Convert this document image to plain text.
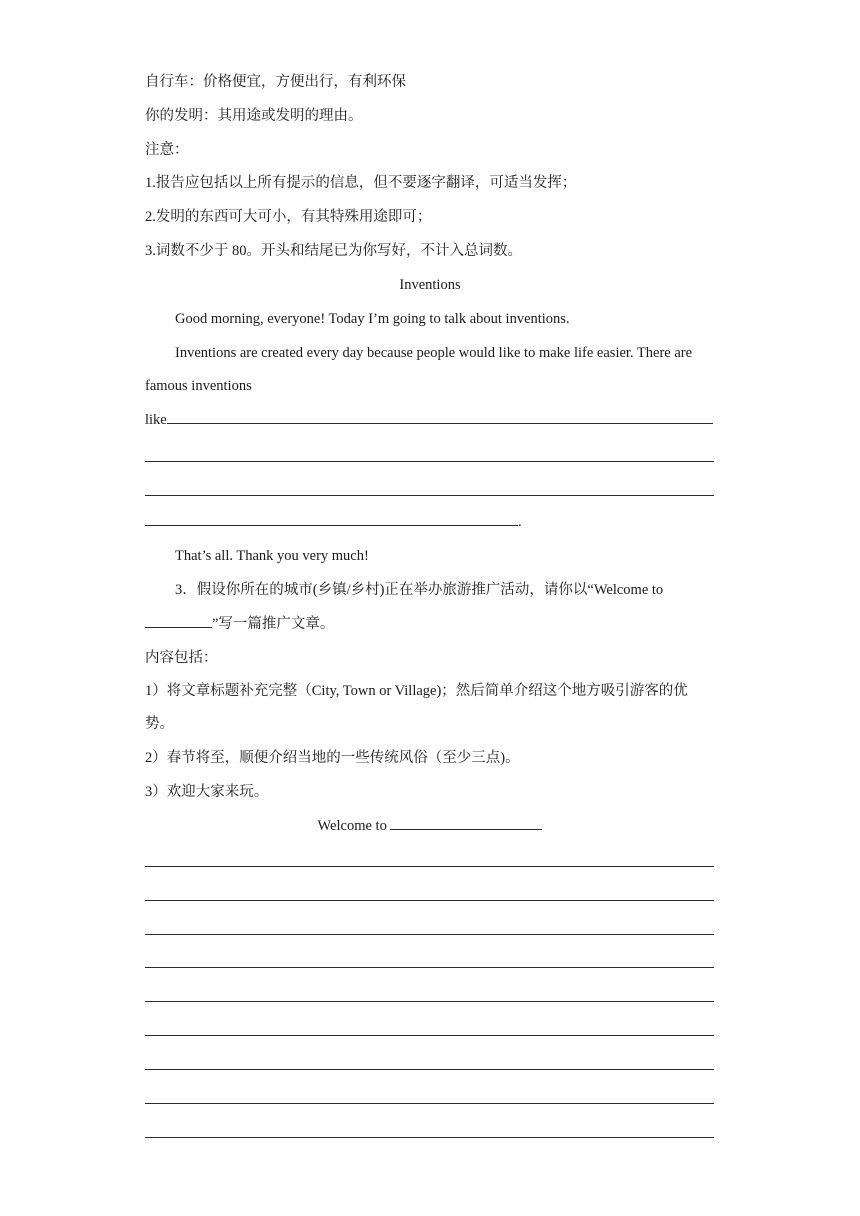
自行车：价格便宜，方便出行，有利环保
你的发明：其用途或发明的理由。
注意：
1.报告应包括以上所有提示的信息，但不要逐字翻译，可适当发挥；
2.发明的东西可大可小，有其特殊用途即可；
3.词数不少于 80。开头和结尾已为你写好，不计入总词数。
Inventions
Good morning, everyone! Today I’m going to talk about inventions.
Inventions are created every day because people would like to make life easier. There are
famous inventions
like
.
That’s all. Thank you very much!
3．假设你所在的城市(乡镇/乡村)正在举办旅游推广活动，请你以“Welcome to
”写一篇推广文章。
内容包括：
1）将文章标题补充完整（City, Town or Village)；然后简单介绍这个地方吸引游客的优
势。
2）春节将至，顺便介绍当地的一些传统风俗（至少三点)。
3）欢迎大家来玩。
Welcome to
